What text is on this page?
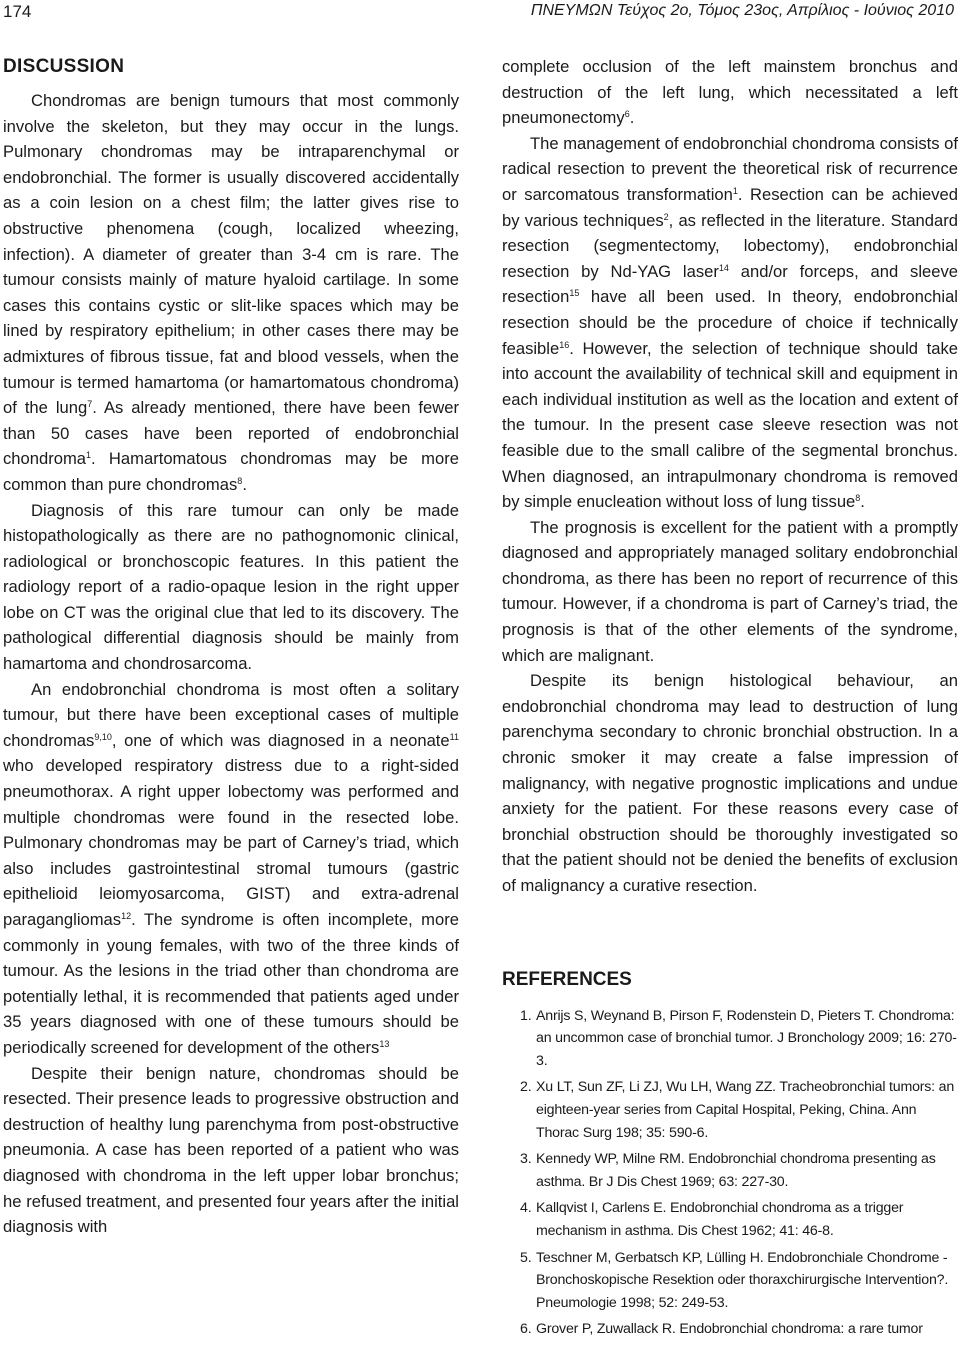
174	ΠΝΕΥΜΩΝ Τεύχος 2ο, Τόμος 23ος, Απρίλιος - Ιούνιος 2010
DISCUSSION

Chondromas are benign tumours that most commonly involve the skeleton, but they may occur in the lungs. Pulmonary chondromas may be intraparenchymal or endobronchial. The former is usually discovered accidentally as a coin lesion on a chest film; the latter gives rise to obstructive phenomena (cough, localized wheezing, infection). A diameter of greater than 3-4 cm is rare. The tumour consists mainly of mature hyaloid cartilage. In some cases this contains cystic or slit-like spaces which may be lined by respiratory epithelium; in other cases there may be admixtures of fibrous tissue, fat and blood vessels, when the tumour is termed hamartoma (or hamartomatous chondroma) of the lung$^7$. As already mentioned, there have been fewer than 50 cases have been reported of endobronchial chondroma$^1$. Hamartomatous chondromas may be more common than pure chondromas$^8$.

Diagnosis of this rare tumour can only be made histopathologically as there are no pathognomonic clinical, radiological or bronchoscopic features. In this patient the radiology report of a radio-opaque lesion in the right upper lobe on CT was the original clue that led to its discovery. The pathological differential diagnosis should be mainly from hamartoma and chondrosarcoma.

An endobronchial chondroma is most often a solitary tumour, but there have been exceptional cases of multiple chondromas$^{9,10}$, one of which was diagnosed in a neonate$^{11}$ who developed respiratory distress due to a right-sided pneumothorax. A right upper lobectomy was performed and multiple chondromas were found in the resected lobe. Pulmonary chondromas may be part of Carney’s triad, which also includes gastrointestinal stromal tumours (gastric epithelioid leiomyosarcoma, GIST) and extra-adrenal paragangliomas$^{12}$. The syndrome is often incomplete, more commonly in young females, with two of the three kinds of tumour. As the lesions in the triad other than chondroma are potentially lethal, it is recommended that patients aged under 35 years diagnosed with one of these tumours should be periodically screened for development of the others$^{13}$

Despite their benign nature, chondromas should be resected. Their presence leads to progressive obstruction and destruction of healthy lung parenchyma from post-obstructive pneumonia. A case has been reported of a patient who was diagnosed with chondroma in the left upper lobar bronchus; he refused treatment, and presented four years after the initial diagnosis with

complete occlusion of the left mainstem bronchus and destruction of the left lung, which necessitated a left pneumonectomy$^6$.

The management of endobronchial chondroma consists of radical resection to prevent the theoretical risk of recurrence or sarcomatous transformation$^1$. Resection can be achieved by various techniques$^2$, as reflected in the literature. Standard resection (segmentectomy, lobectomy), endobronchial resection by Nd-YAG laser$^{14}$ and/or forceps, and sleeve resection$^{15}$ have all been used. In theory, endobronchial resection should be the procedure of choice if technically feasible$^{16}$. However, the selection of technique should take into account the availability of technical skill and equipment in each individual institution as well as the location and extent of the tumour. In the present case sleeve resection was not feasible due to the small calibre of the segmental bronchus. When diagnosed, an intrapulmonary chondroma is removed by simple enucleation without loss of lung tissue$^8$.

The prognosis is excellent for the patient with a promptly diagnosed and appropriately managed solitary endobronchial chondroma, as there has been no report of recurrence of this tumour. However, if a chondroma is part of Carney’s triad, the prognosis is that of the other elements of the syndrome, which are malignant.

Despite its benign histological behaviour, an endobronchial chondroma may lead to destruction of lung parenchyma secondary to chronic bronchial obstruction. In a chronic smoker it may create a false impression of malignancy, with negative prognostic implications and undue anxiety for the patient. For these reasons every case of bronchial obstruction should be thoroughly investigated so that the patient should not be denied the benefits of exclusion of malignancy a curative resection.

REFERENCES
1. Anrijs S, Weynand B, Pirson F, Rodenstein D, Pieters T. Chondroma: an uncommon case of bronchial tumor. J Bronchology 2009; 16: 270-3.
2. Xu LT, Sun ZF, Li ZJ, Wu LH, Wang ZZ. Tracheobronchial tumors: an eighteen-year series from Capital Hospital, Peking, China. Ann Thorac Surg 198; 35: 590-6.
3. Kennedy WP, Milne RM. Endobronchial chondroma presenting as asthma. Br J Dis Chest 1969; 63: 227-30.
4. Kallqvist I, Carlens E. Endobronchial chondroma as a trigger mechanism in asthma. Dis Chest 1962; 41: 46-8.
5. Teschner M, Gerbatsch KP, Lülling H. Endobronchiale Chondrome - Bronchoskopische Resektion oder thoraxchirurgische Intervention?. Pneumologie 1998; 52: 249-53.
6. Grover P, Zuwallack R. Endobronchial chondroma: a rare tumor
